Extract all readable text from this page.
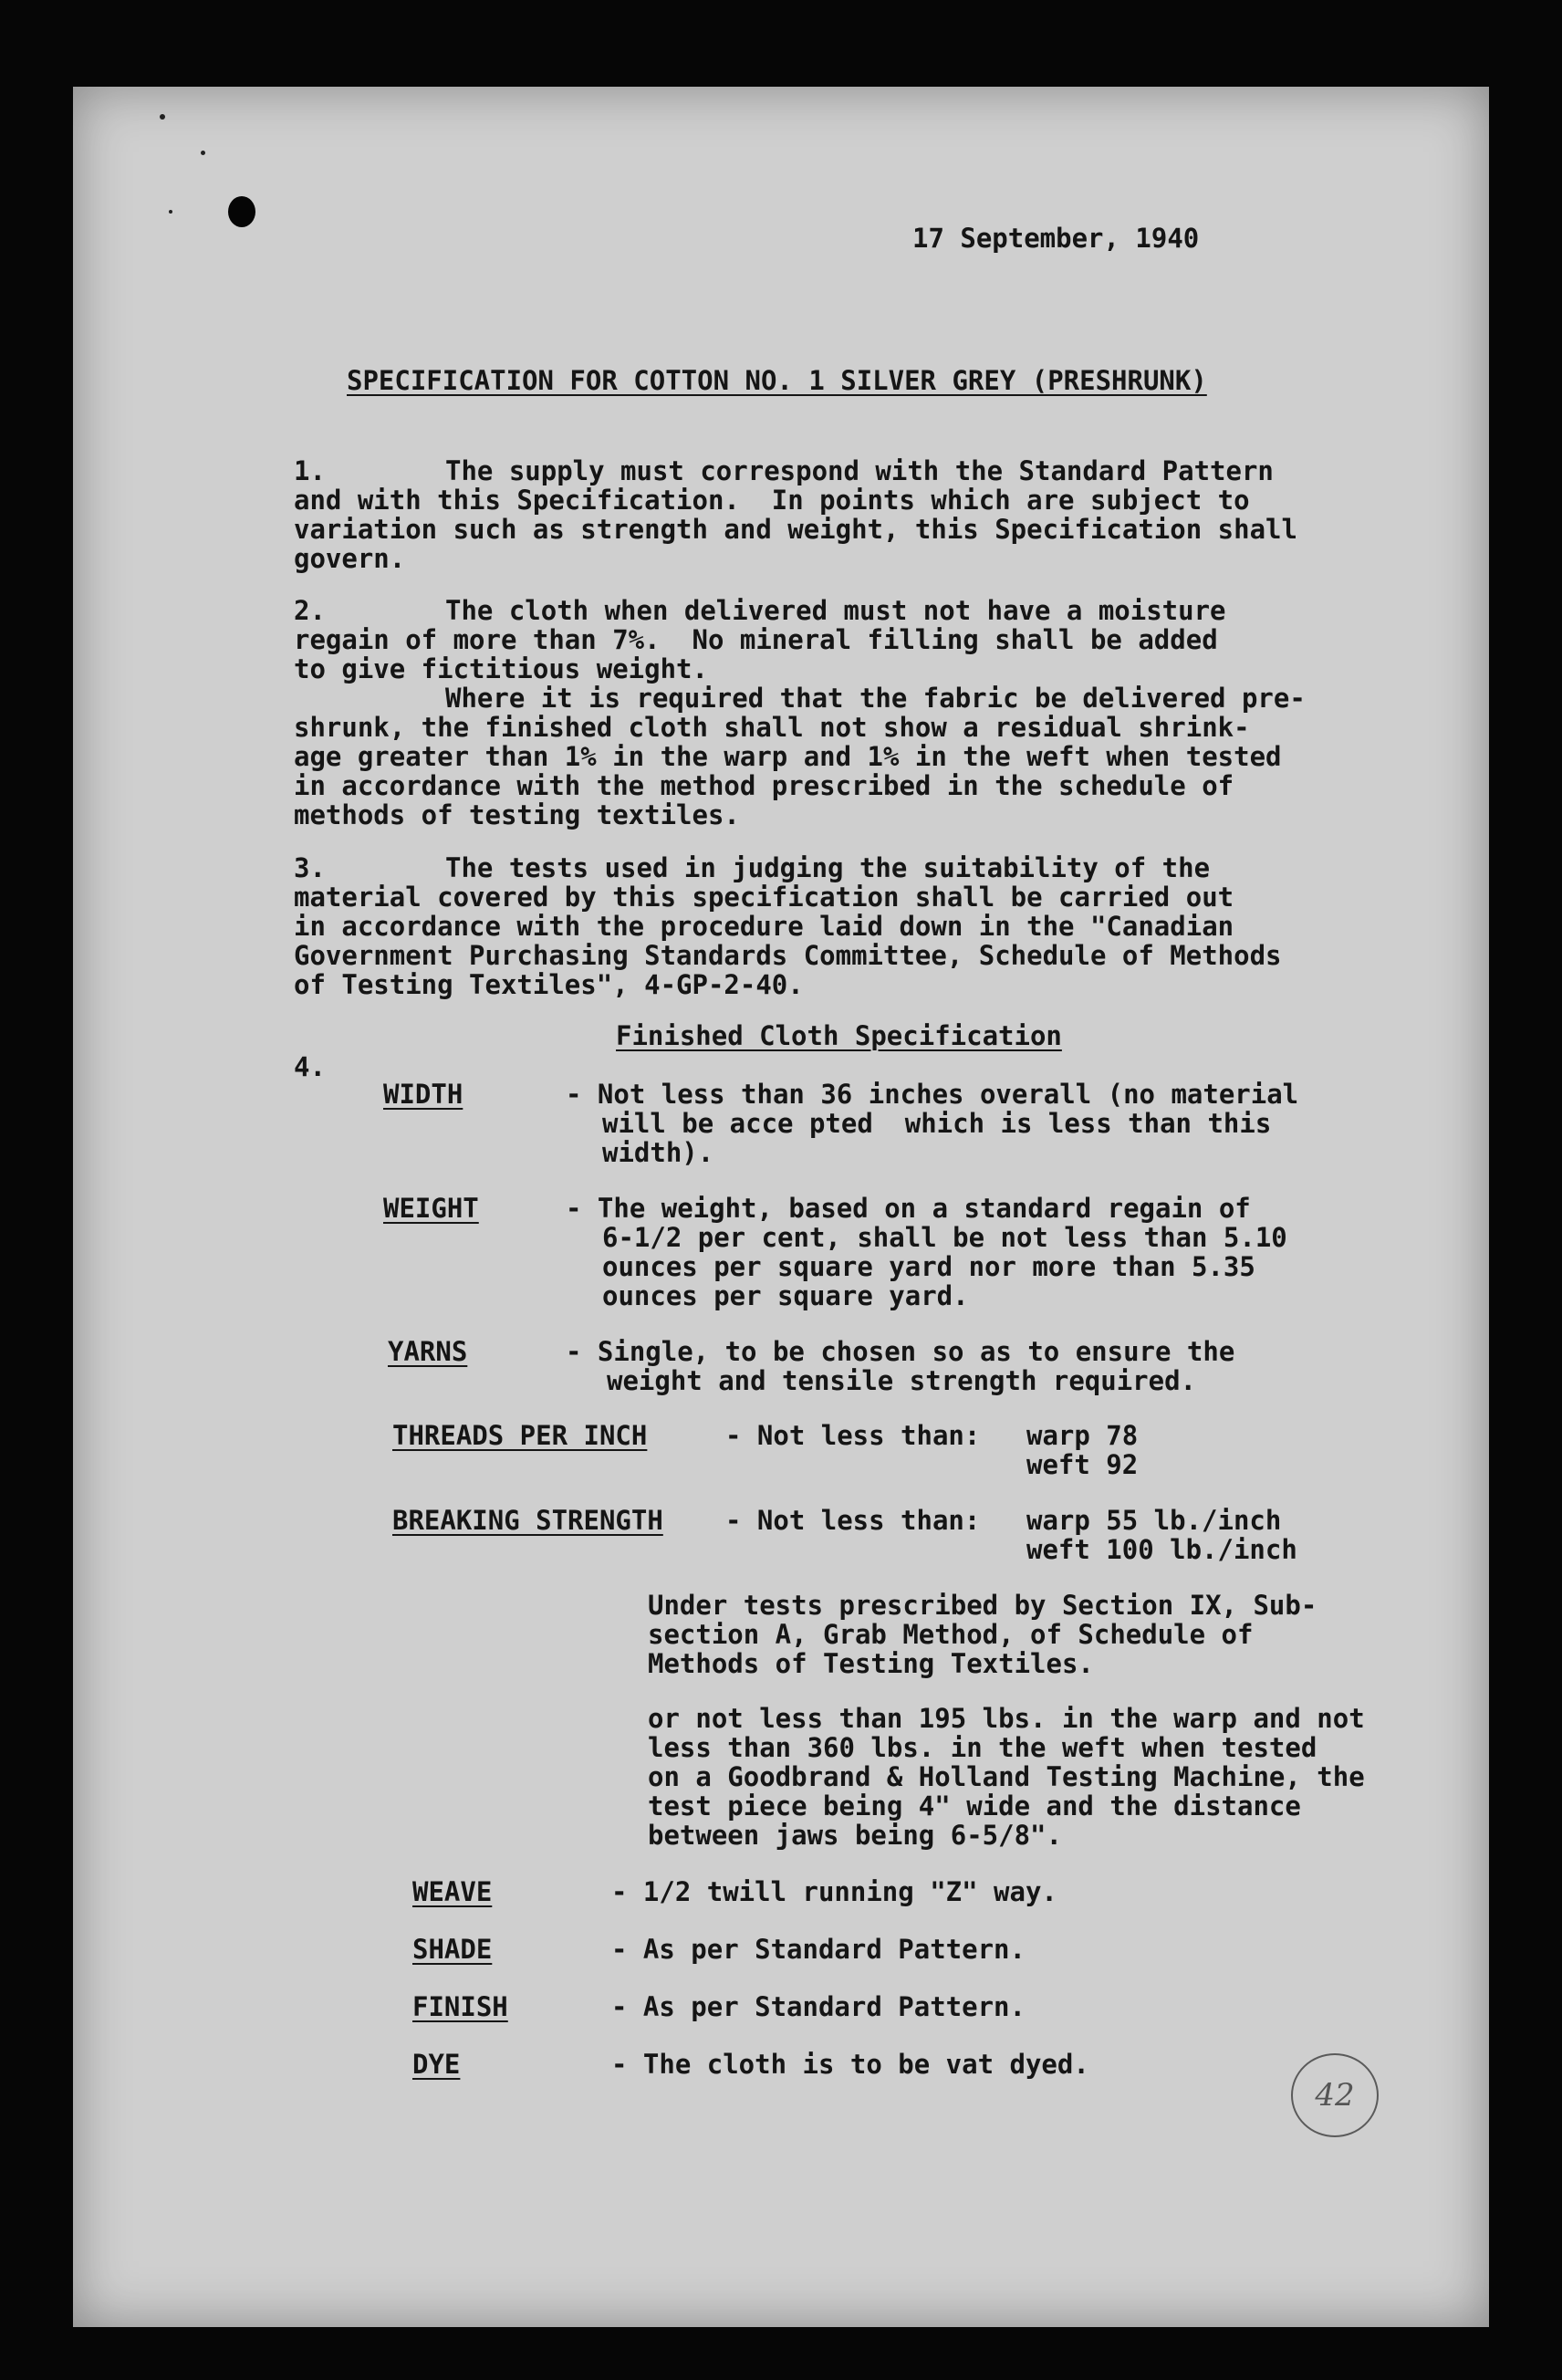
17 September, 1940
SPECIFICATION FOR COTTON NO. 1 SILVER GREY (PRESHRUNK)
1.	The supply must correspond with the Standard Pattern
and with this Specification.  In points which are subject to
variation such as strength and weight, this Specification shall
govern.
2.	The cloth when delivered must not have a moisture
regain of more than 7%.  No mineral filling shall be added
to give fictitious weight.
Where it is required that the fabric be delivered pre-
shrunk, the finished cloth shall not show a residual shrink-
age greater than 1% in the warp and 1% in the weft when tested
in accordance with the method prescribed in the schedule of
methods of testing textiles.
3.	The tests used in judging the suitability of the
material covered by this specification shall be carried out
in accordance with the procedure laid down in the "Canadian
Government Purchasing Standards Committee, Schedule of Methods
of Testing Textiles", 4-GP-2-40.
Finished Cloth Specification
4.
WIDTH	- Not less than 36 inches overall (no material
will be acce pted  which is less than this
width).
WEIGHT	- The weight, based on a standard regain of
6-1/2 per cent, shall be not less than 5.10
ounces per square yard nor more than 5.35
ounces per square yard.
YARNS	- Single, to be chosen so as to ensure the
weight and tensile strength required.
THREADS PER INCH	- Not less than: warp 78
weft 92
BREAKING STRENGTH - Not less than: warp 55 lb./inch
weft 100 lb./inch
Under tests prescribed by Section IX, Sub-
section A, Grab Method, of Schedule of
Methods of Testing Textiles.
or not less than 195 lbs. in the warp and not
less than 360 lbs. in the weft when tested
on a Goodbrand & Holland Testing Machine, the
test piece being 4" wide and the distance
between jaws being 6-5/8".
WEAVE	- 1/2 twill running "Z" way.
SHADE	- As per Standard Pattern.
FINISH	- As per Standard Pattern.
DYE	- The cloth is to be vat dyed.
42
